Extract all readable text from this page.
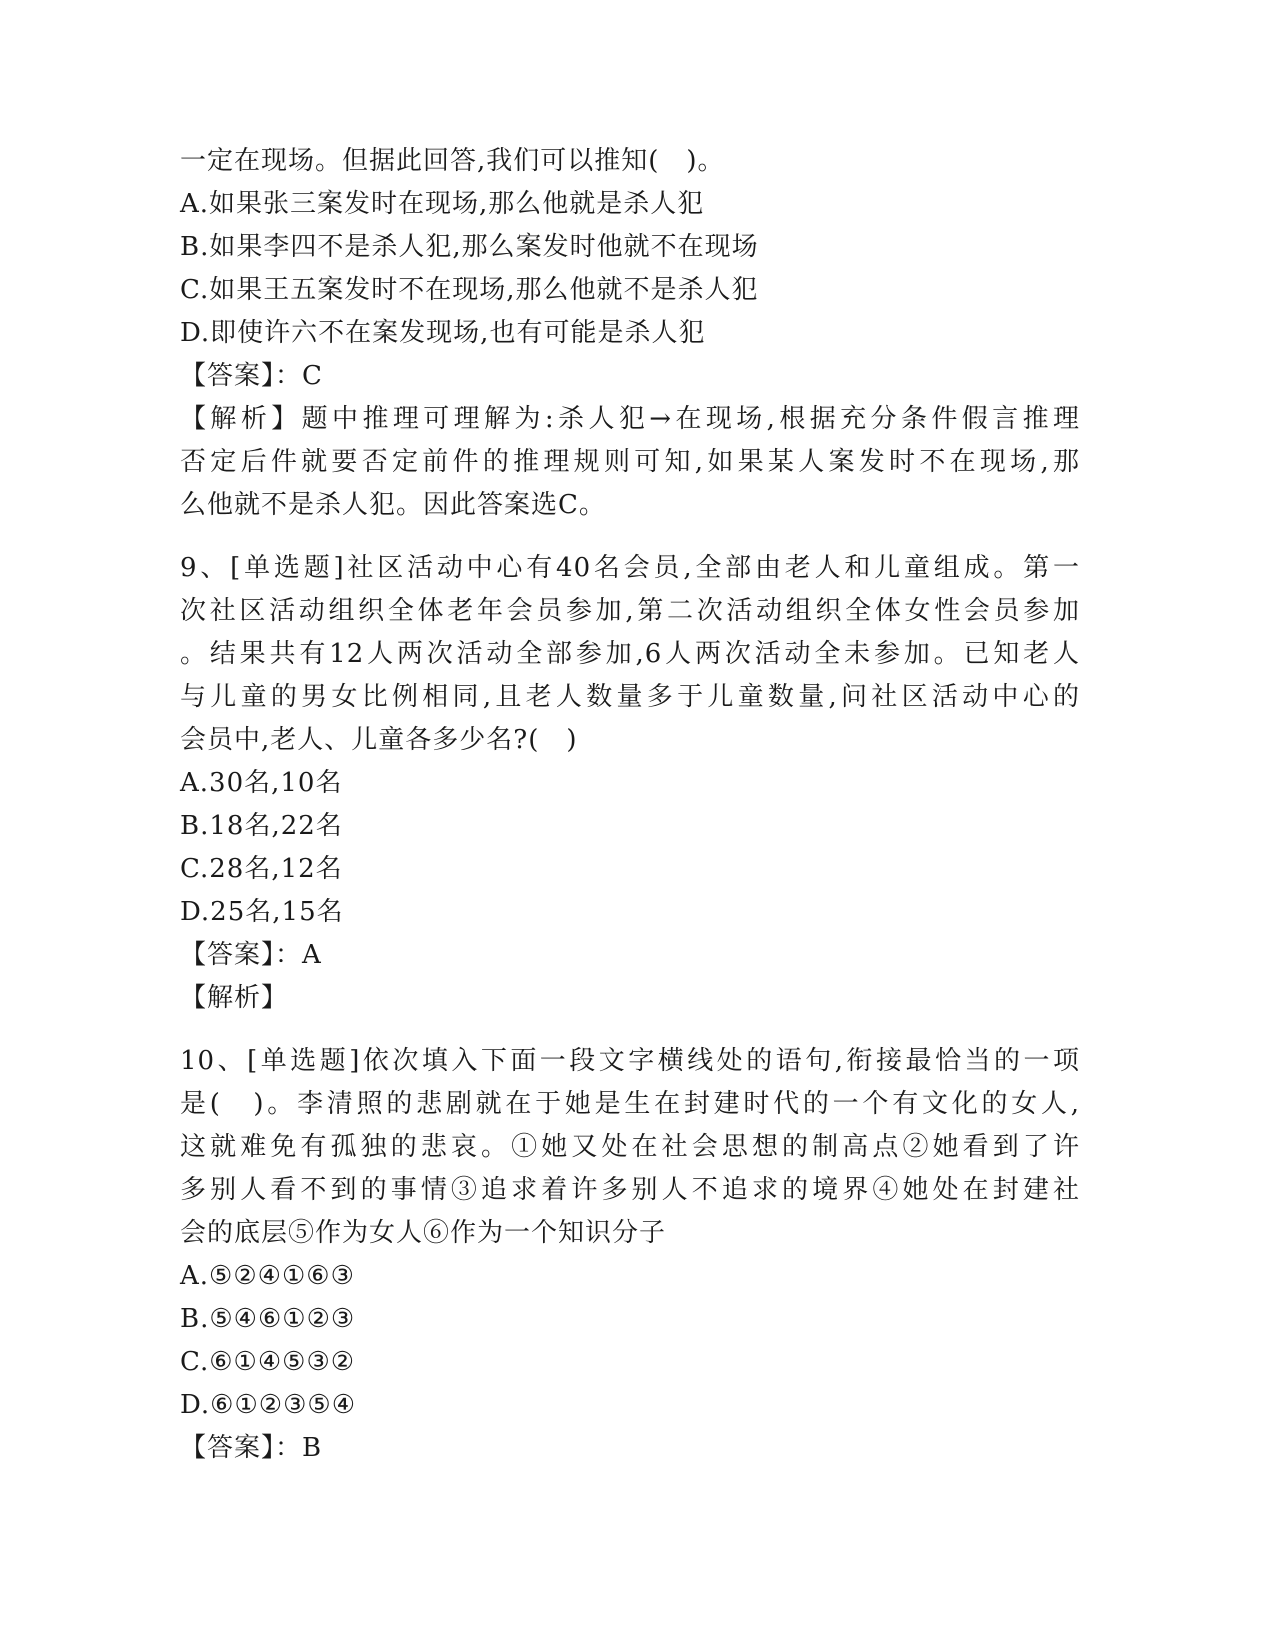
一定在现场。但据此回答,我们可以推知(　)。
A.如果张三案发时在现场,那么他就是杀人犯
B.如果李四不是杀人犯,那么案发时他就不在现场
C.如果王五案发时不在现场,那么他就不是杀人犯
D.即使许六不在案发现场,也有可能是杀人犯
【答案】：C
【解析】题中推理可理解为:杀人犯→在现场,根据充分条件假言推理
否定后件就要否定前件的推理规则可知,如果某人案发时不在现场,那
么他就不是杀人犯。因此答案选C。
9、[单选题]社区活动中心有40名会员,全部由老人和儿童组成。第一
次社区活动组织全体老年会员参加,第二次活动组织全体女性会员参加
。结果共有12人两次活动全部参加,6人两次活动全未参加。已知老人
与儿童的男女比例相同,且老人数量多于儿童数量,问社区活动中心的
会员中,老人、儿童各多少名?(　)
A.30名,10名
B.18名,22名
C.28名,12名
D.25名,15名
【答案】：A
【解析】
10、[单选题]依次填入下面一段文字横线处的语句,衔接最恰当的一项
是(　)。李清照的悲剧就在于她是生在封建时代的一个有文化的女人,
这就难免有孤独的悲哀。①她又处在社会思想的制高点②她看到了许
多别人看不到的事情③追求着许多别人不追求的境界④她处在封建社
会的底层⑤作为女人⑥作为一个知识分子
A.⑤②④①⑥③
B.⑤④⑥①②③
C.⑥①④⑤③②
D.⑥①②③⑤④
【答案】：B
